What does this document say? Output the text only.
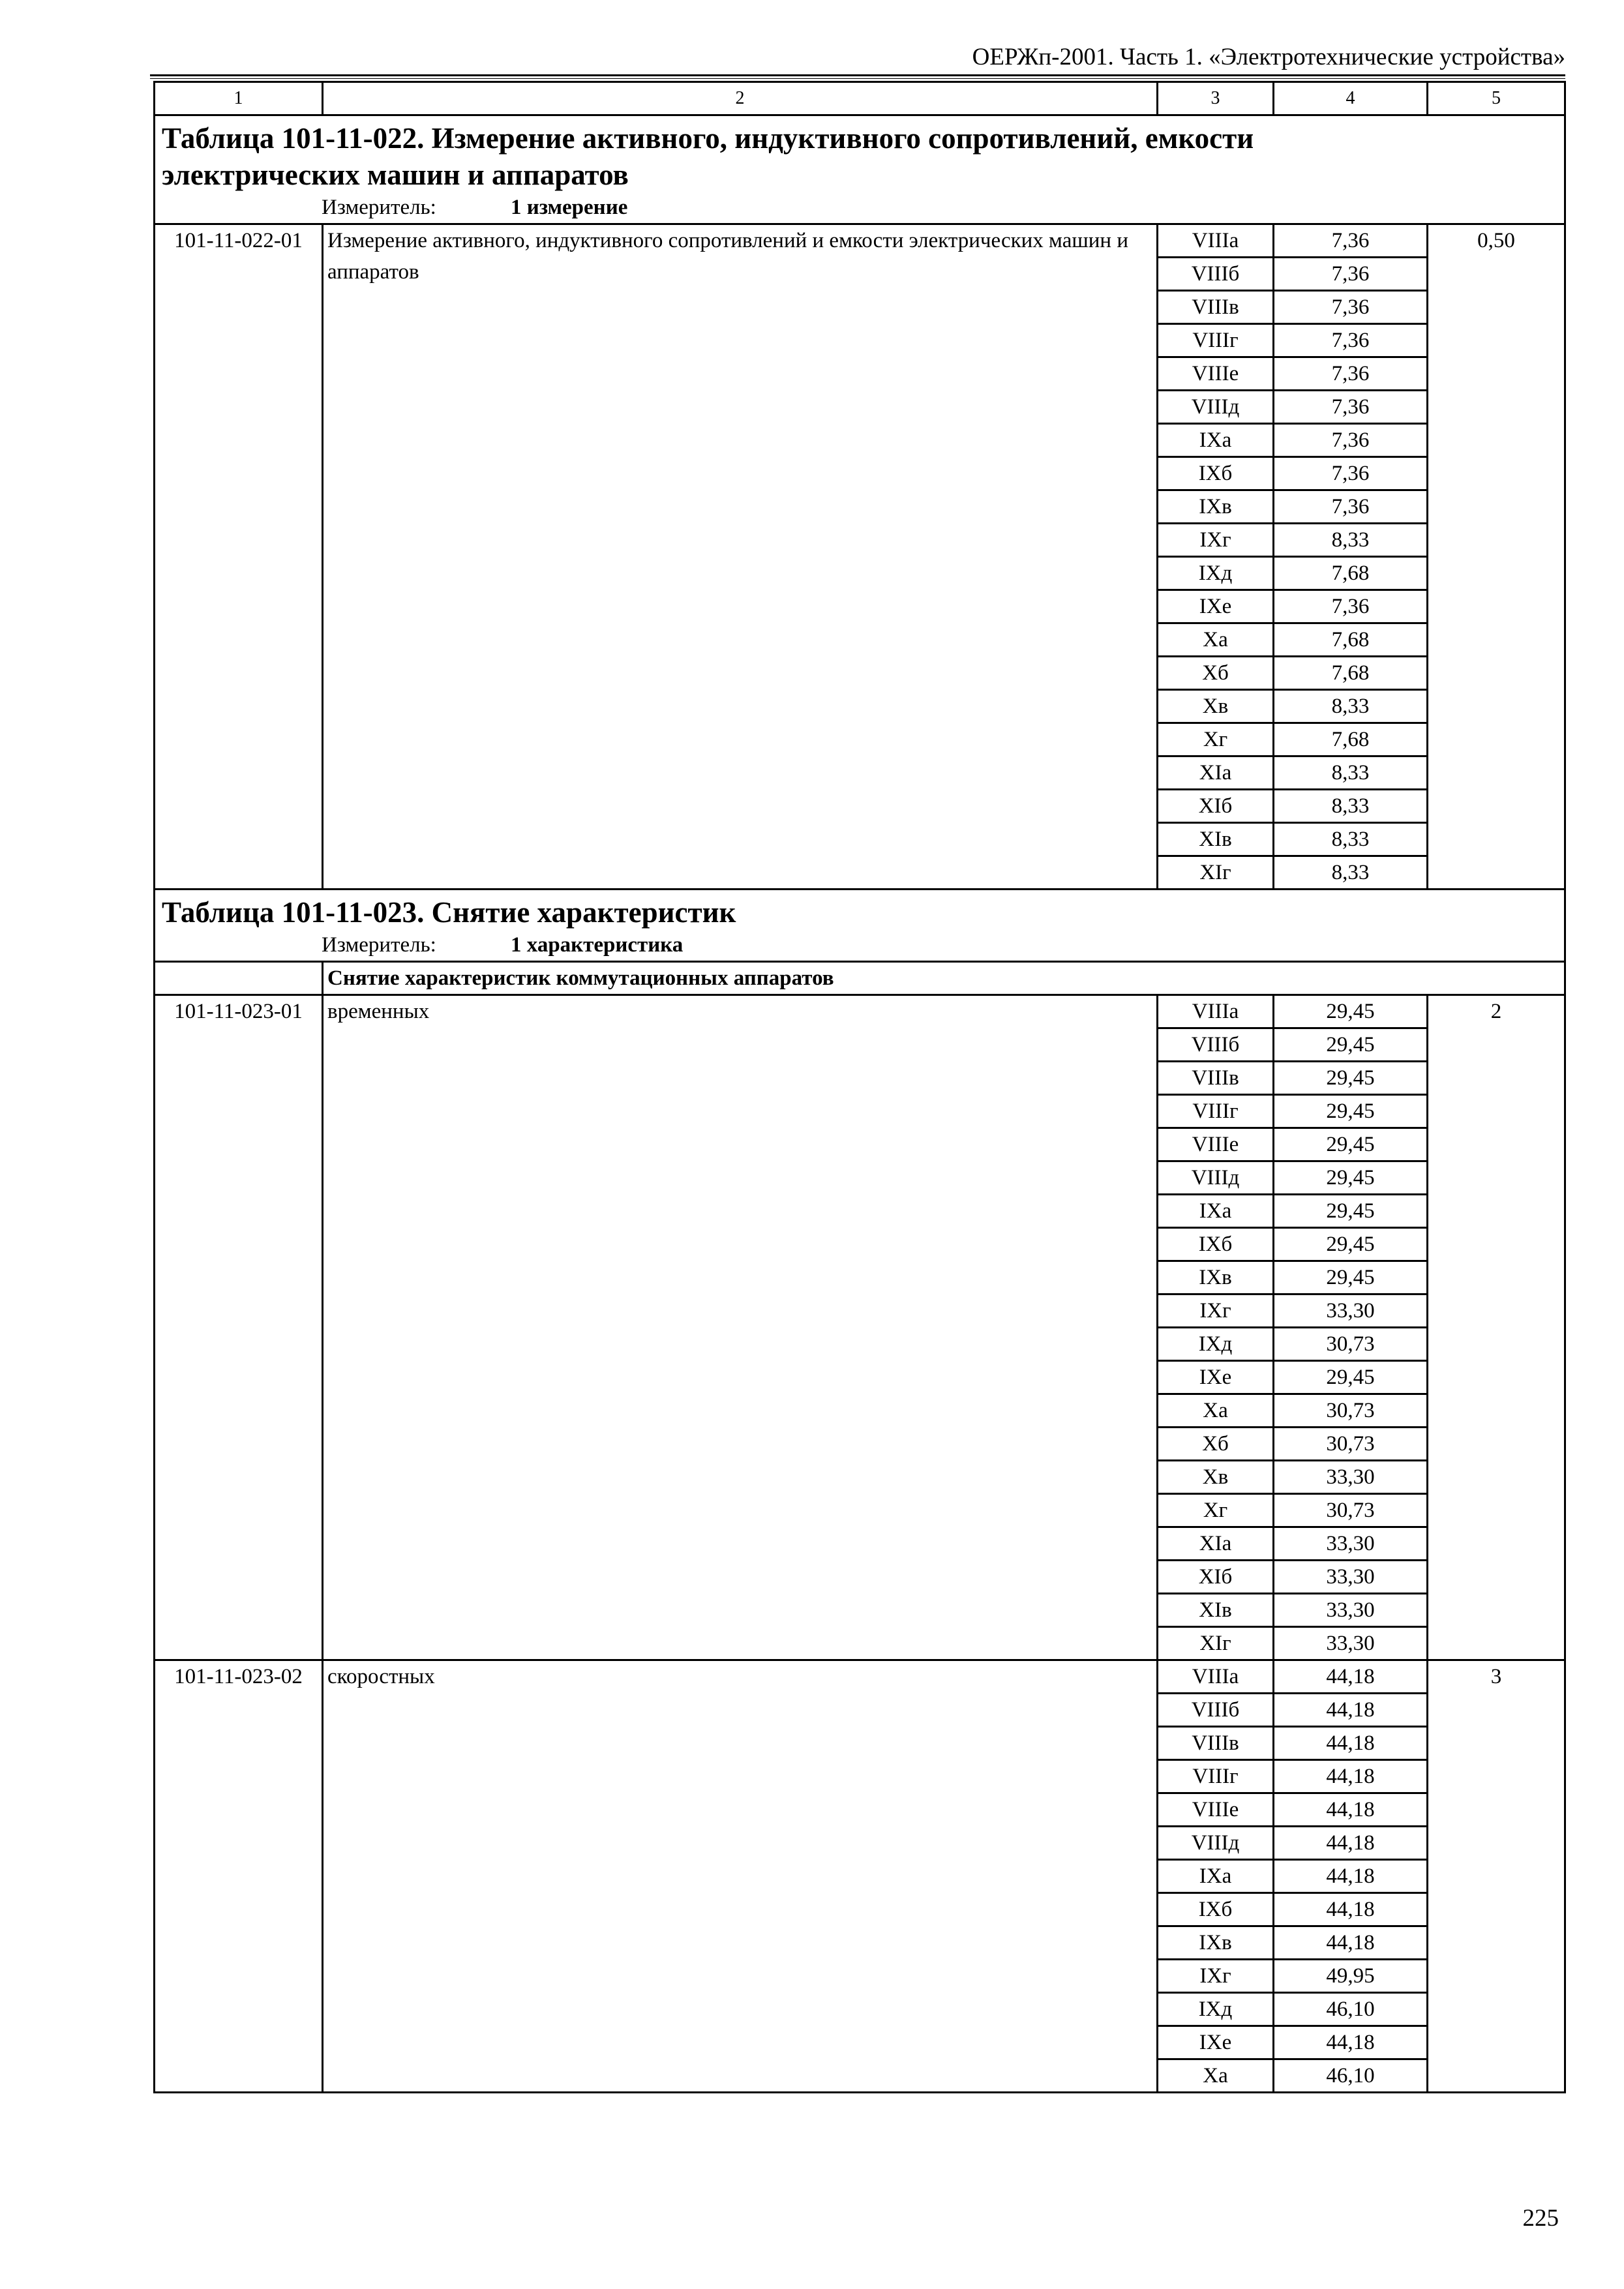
ОЕРЖп-2001. Часть 1. «Электротехнические устройства»
1	2	3	4	5

Таблица 101-11-022. Измерение активного, индуктивного сопротивлений, емкости
электрических машин и аппаратов
Измеритель: 1 измерение				

101-11-022-01	Измерение активного, индуктивного сопротивлений и емкости электрических машин и аппаратов	VIIIa	7,36	0,50
		VIIIб	7,36	
		VIIIв	7,36	
		VIIIг	7,36	
		VIIIe	7,36	
		VIIIд	7,36	
		IXa	7,36	
		IXб	7,36	
		IXв	7,36	
		IXг	8,33	
		IXд	7,68	
		IXe	7,36	
		Xa	7,68	
		Xб	7,68	
		Xв	8,33	
		Xг	7,68	
		XIa	8,33	
		XIб	8,33	
		XIв	8,33	
		XIг	8,33	

Таблица 101-11-023. Снятие характеристик
Измеритель: 1 характеристика				

	Снятие характеристик коммутационных аппаратов			
101-11-023-01	временных	VIIIa	29,45	2
		VIIIб	29,45	
		VIIIв	29,45	
		VIIIг	29,45	
		VIIIe	29,45	
		VIIIд	29,45	
		IXa	29,45	
		IXб	29,45	
		IXв	29,45	
		IXг	33,30	
		IXд	30,73	
		IXe	29,45	
		Xa	30,73	
		Xб	30,73	
		Xв	33,30	
		Xг	30,73	
		XIa	33,30	
		XIб	33,30	
		XIв	33,30	
		XIг	33,30	
101-11-023-02	скоростных	VIIIa	44,18	3
		VIIIб	44,18	
		VIIIв	44,18	
		VIIIг	44,18	
		VIIIe	44,18	
		VIIIд	44,18	
		IXa	44,18	
		IXб	44,18	
		IXв	44,18	
		IXг	49,95	
		IXд	46,10	
		IXe	44,18	
		Xa	46,10	
225
